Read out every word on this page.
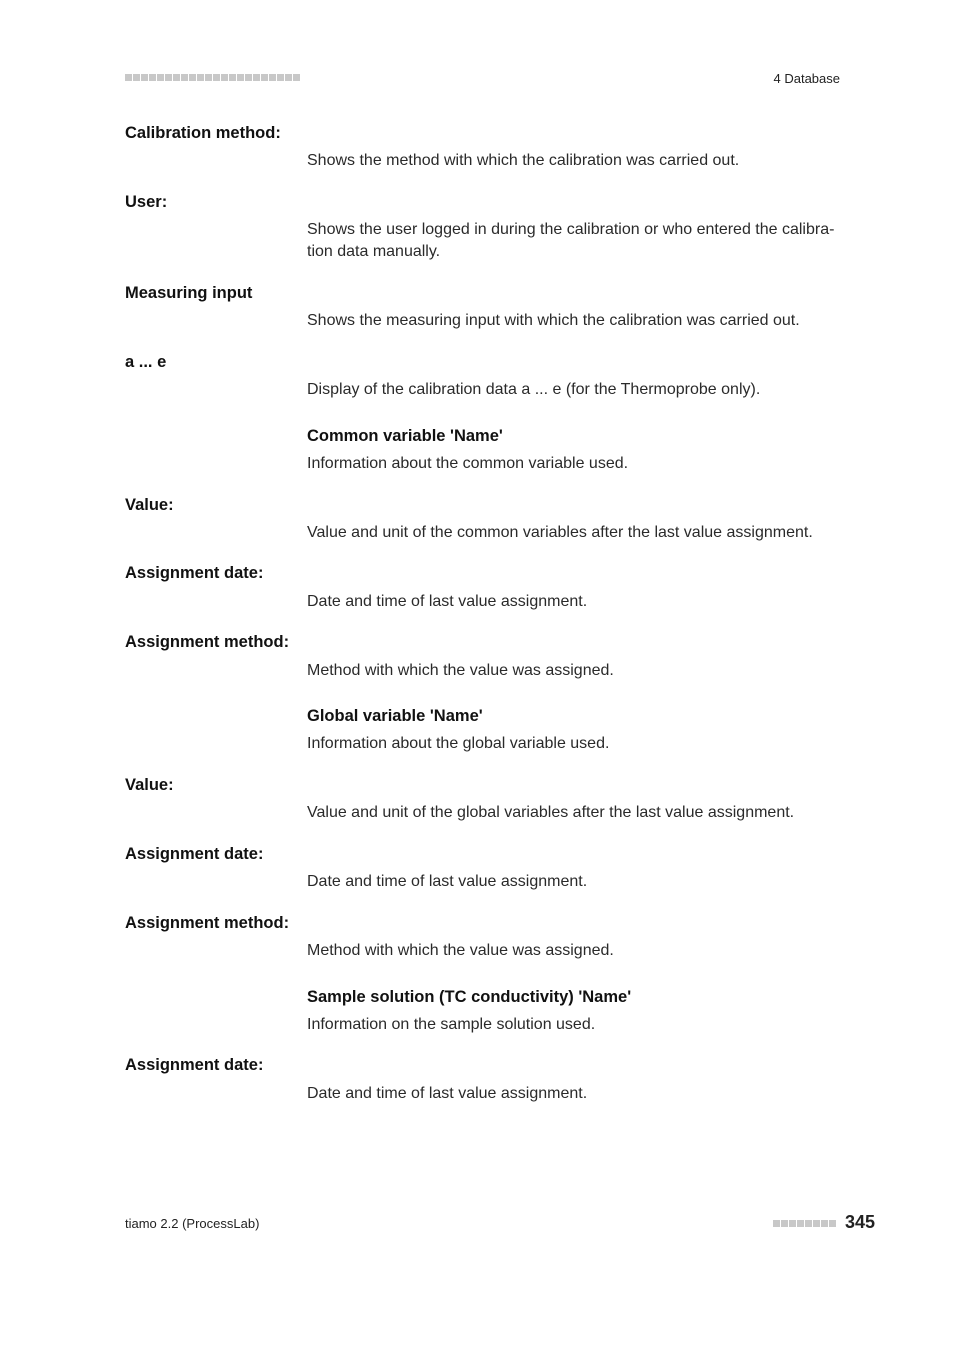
4 Database
Calibration method:
Shows the method with which the calibration was carried out.
User:
Shows the user logged in during the calibration or who entered the calibra-tion data manually.
Measuring input
Shows the measuring input with which the calibration was carried out.
a ... e
Display of the calibration data a ... e (for the Thermoprobe only).
Common variable 'Name'
Information about the common variable used.
Value:
Value and unit of the common variables after the last value assignment.
Assignment date:
Date and time of last value assignment.
Assignment method:
Method with which the value was assigned.
Global variable 'Name'
Information about the global variable used.
Value:
Value and unit of the global variables after the last value assignment.
Assignment date:
Date and time of last value assignment.
Assignment method:
Method with which the value was assigned.
Sample solution (TC conductivity) 'Name'
Information on the sample solution used.
Assignment date:
Date and time of last value assignment.
tiamo 2.2 (ProcessLab)	345
